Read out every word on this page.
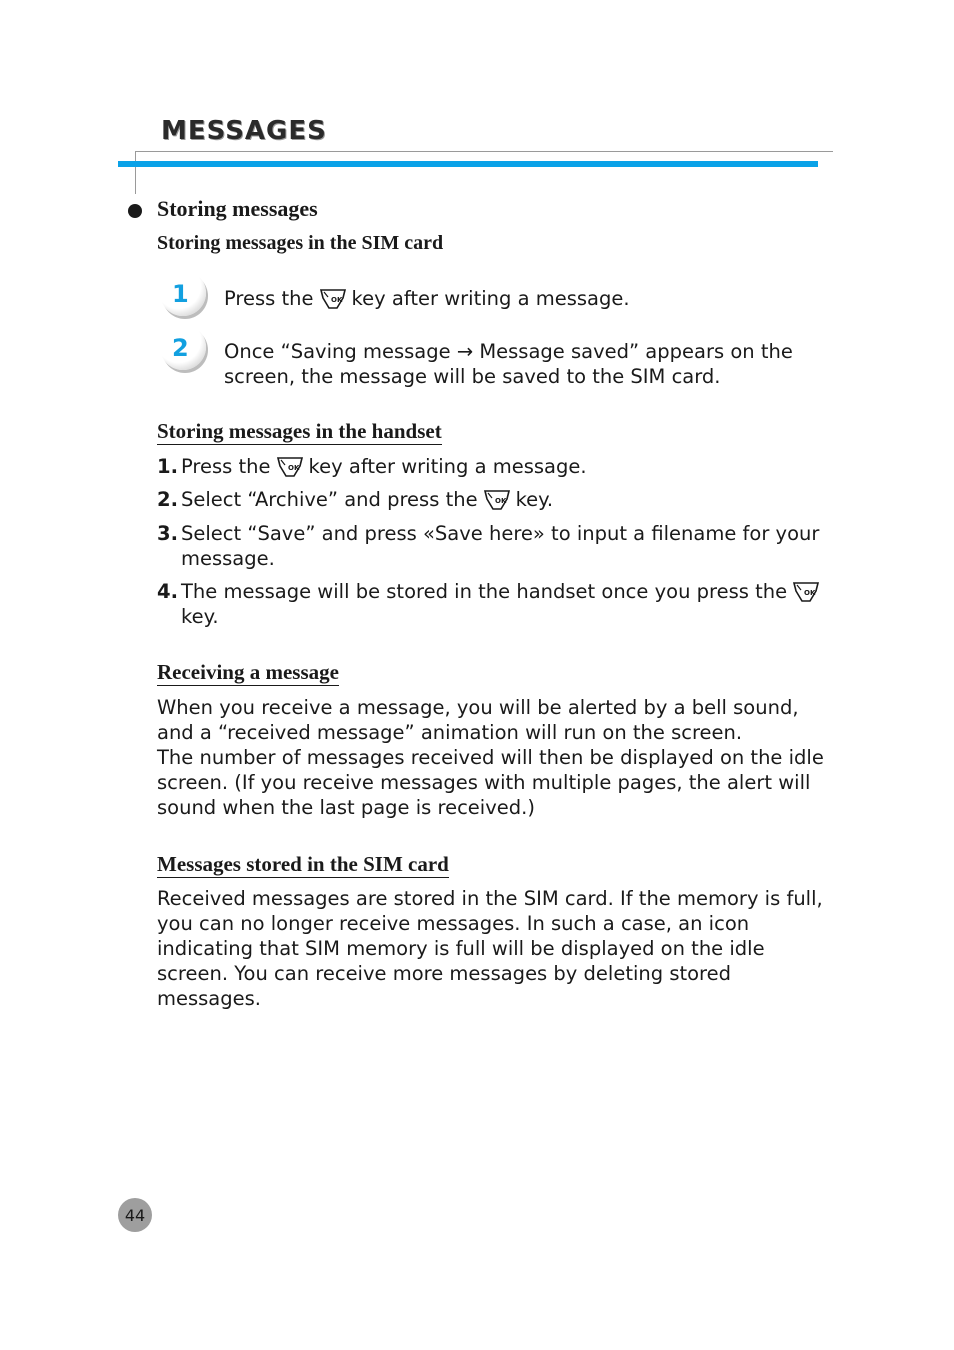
MESSAGES
Storing messages
Storing messages in the SIM card
1 Press the OK key after writing a message.
2 Once “Saving message → Message saved” appears on the
screen, the message will be saved to the SIM card.
Storing messages in the handset
1. Press the OK key after writing a message.
2. Select “Archive” and press the OK key.
3. Select “Save” and press «Save here» to input a filename for your
message.
4. The message will be stored in the handset once you press the OK
key.
Receiving a message
When you receive a message, you will be alerted by a bell sound,
and a “received message” animation will run on the screen.
The number of messages received will then be displayed on the idle
screen. (If you receive messages with multiple pages, the alert will
sound when the last page is received.)
Messages stored in the SIM card
Received messages are stored in the SIM card. If the memory is full,
you can no longer receive messages. In such a case, an icon
indicating that SIM memory is full will be displayed on the idle
screen. You can receive more messages by deleting stored
messages.
44
